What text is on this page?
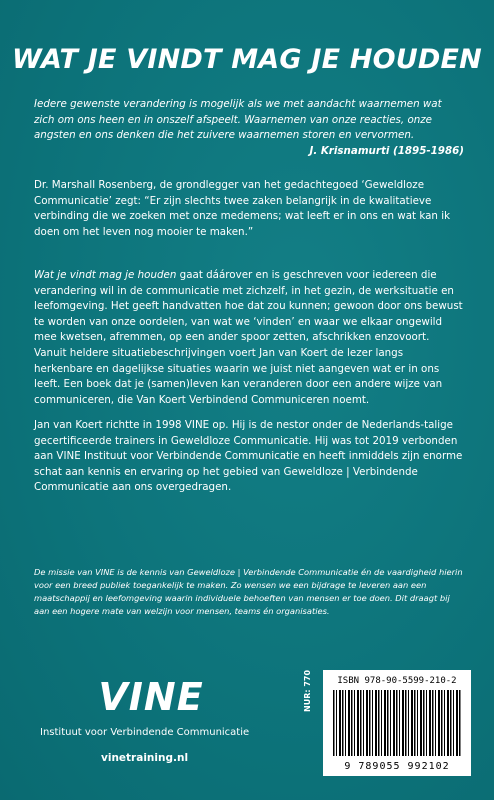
WAT JE VINDT MAG JE HOUDEN
Iedere gewenste verandering is mogelijk als we met aandacht waarnemen wat zich om ons heen en in onszelf afspeelt. Waarnemen van onze reacties, onze angsten en ons denken die het zuivere waarnemen storen en vervormen.
J. Krisnamurti (1895-1986)
Dr. Marshall Rosenberg, de grondlegger van het gedachtegoed ‘Geweldloze Communicatie’ zegt: “Er zijn slechts twee zaken belangrijk in de kwalitatieve verbinding die we zoeken met onze medemens; wat leeft er in ons en wat kan ik doen om het leven nog mooier te maken.”
Wat je vindt mag je houden gaat dáárover en is geschreven voor iedereen die verandering wil in de communicatie met zichzelf, in het gezin, de werksituatie en leefomgeving. Het geeft handvatten hoe dat zou kunnen; gewoon door ons bewust te worden van onze oordelen, van wat we ‘vinden’ en waar we elkaar ongewild mee kwetsen, afremmen, op een ander spoor zetten, afschrikken enzovoort. Vanuit heldere situatiebeschrijvingen voert Jan van Koert de lezer langs herkenbare en dagelijkse situaties waarin we juist niet aangeven wat er in ons leeft. Een boek dat je (samen)leven kan veranderen door een andere wijze van communiceren, die Van Koert Verbindend Communiceren noemt.
Jan van Koert richtte in 1998 VINE op. Hij is de nestor onder de Nederlands-talige gecertificeerde trainers in Geweldloze Communicatie. Hij was tot 2019 verbonden aan VINE Instituut voor Verbindende Communicatie en heeft inmiddels zijn enorme schat aan kennis en ervaring op het gebied van Geweldloze | Verbindende Communicatie aan ons overgedragen.
De missie van VINE is de kennis van Geweldloze | Verbindende Communicatie én de vaardigheid hierin voor een breed publiek toegankelijk te maken. Zo wensen we een bijdrage te leveren aan een maatschappij en leefomgeving waarin individuele behoeften van mensen er toe doen. Dit draagt bij aan een hogere mate van welzijn voor mensen, teams én organisaties.
VINE
Instituut voor Verbindende Communicatie
vinetraining.nl
NUR: 770	ISBN 978-90-5599-210-2
9 789055 992102
